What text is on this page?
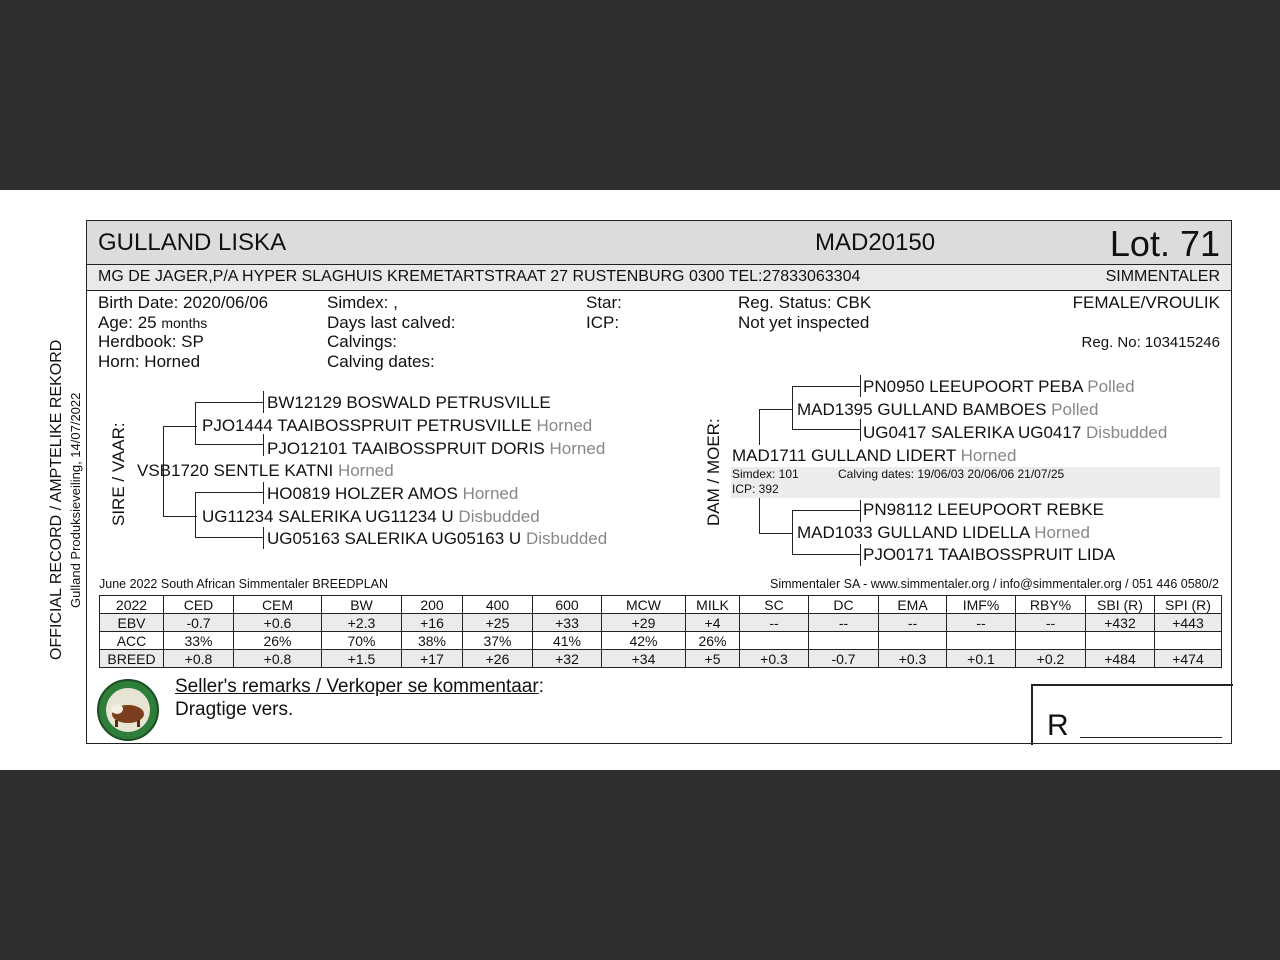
OFFICIAL RECORD / AMPTELIKE REKORD Gulland Produksieveiling, 14/07/2022
GULLAND LISKA	MAD20150	Lot. 71
MG DE JAGER,P/A HYPER SLAGHUIS KREMETARTSTRAAT 27 RUSTENBURG 0300 TEL:27833063304	SIMMENTALER
Birth Date: 2020/06/06
Age: 25 months
Herdbook: SP
Horn: Horned
Simdex: ,
Days last calved:
Calvings:
Calving dates:
Star:
ICP:
Reg. Status: CBK
Not yet inspected
FEMALE/VROULIK
Reg. No: 103415246
SIRE / VAAR:
BW12129 BOSWALD PETRUSVILLE
PJO1444 TAAIBOSSPRUIT PETRUSVILLE Horned
PJO12101 TAAIBOSSPRUIT DORIS Horned
VSB1720 SENTLE KATNI Horned
HO0819 HOLZER AMOS Horned
UG11234 SALERIKA UG11234 U Disbudded
UG05163 SALERIKA UG05163 U Disbudded
DAM / MOER:
PN0950 LEEUPOORT PEBA Polled
MAD1395 GULLAND BAMBOES Polled
UG0417 SALERIKA UG0417 Disbudded
MAD1711 GULLAND LIDERT Horned
Simdex: 101	Calving dates: 19/06/03 20/06/06 21/07/25
ICP: 392
PN98112 LEEUPOORT REBKE
MAD1033 GULLAND LIDELLA Horned
PJO0171 TAAIBOSSPRUIT LIDA
June 2022 South African Simmentaler BREEDPLAN	Simmentaler SA - www.simmentaler.org / info@simmentaler.org / 051 446 0580/2
2022	CED	CEM	BW	200	400	600	MCW	MILK	SC	DC	EMA	IMF%	RBY%	SBI (R)	SPI (R)
EBV	-0.7	+0.6	+2.3	+16	+25	+33	+29	+4	--	--	--	--	--	+432	+443
ACC	33%	26%	70%	38%	37%	41%	42%	26%							
BREED	+0.8	+0.8	+1.5	+17	+26	+32	+34	+5	+0.3	-0.7	+0.3	+0.1	+0.2	+484	+474
Seller's remarks / Verkoper se kommentaar:
Dragtige vers.	R
